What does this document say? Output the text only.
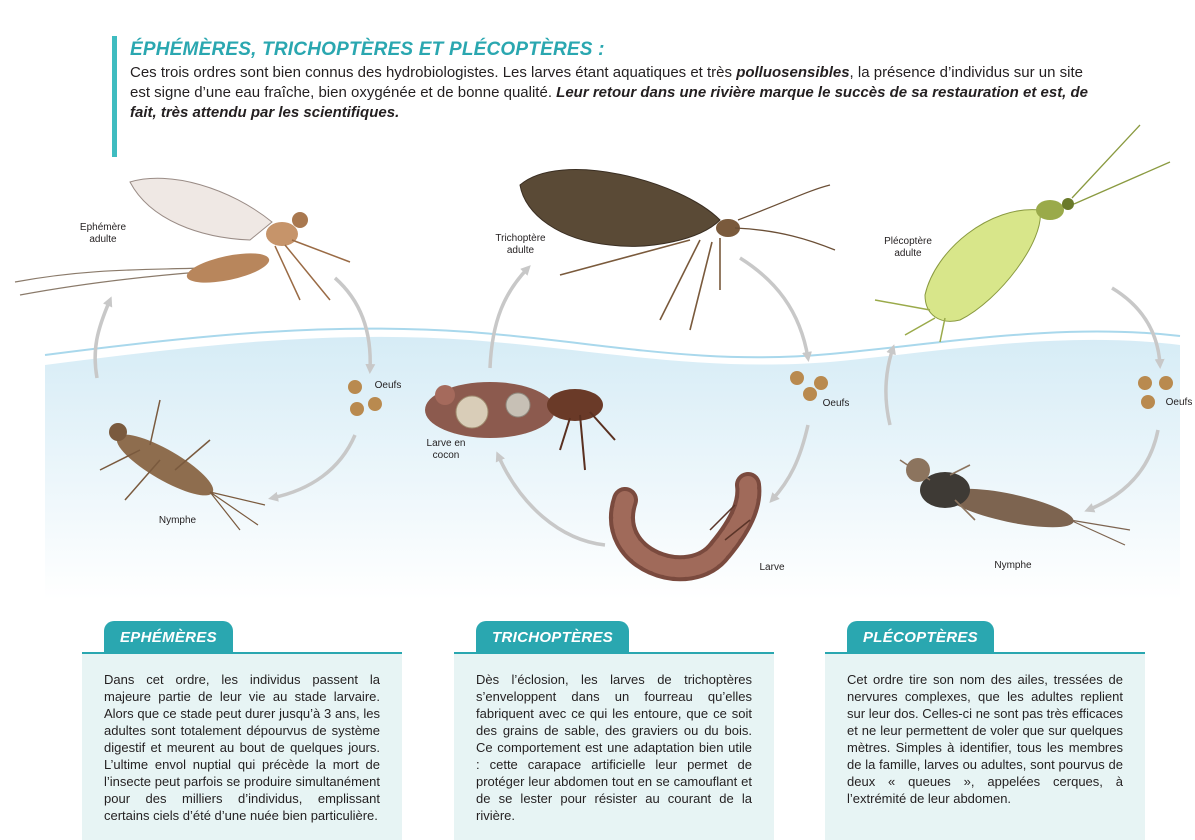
ÉPHÉMÈRES, TRICHOPTÈRES ET PLÉCOPTÈRES :

Ces trois ordres sont bien connus des hydrobiologistes. Les larves étant aquatiques et très polluosensibles, la présence d’individus sur un site est signe d’une eau fraîche, bien oxygénée et de bonne qualité. Leur retour dans une rivière marque le succès de sa restauration et est, de fait, très attendu par les scientifiques.

Ephémère adulte
Oeufs
Nymphe
Trichoptère adulte
Larve en cocon
Oeufs
Larve
Plécoptère adulte
Oeufs
Nymphe
EPHÉMÈRES
Dans cet ordre, les individus passent la majeure partie de leur vie au stade larvaire. Alors que ce stade peut durer jusqu’à 3 ans, les adultes sont totalement dépourvus de système digestif et meurent au bout de quelques jours. L’ultime envol nuptial qui précède la mort de l’insecte peut parfois se produire simultanément pour des milliers d’individus, emplissant certains ciels d’été d’une nuée bien particulière.
TRICHOPTÈRES
Dès l’éclosion, les larves de trichoptères s’enveloppent dans un fourreau qu’elles fabriquent avec ce qui les entoure, que ce soit des grains de sable, des graviers ou du bois. Ce comportement est une adaptation bien utile : cette carapace artificielle leur permet de protéger leur abdomen tout en se camouflant et de se lester pour résister au courant de la rivière.
PLÉCOPTÈRES
Cet ordre tire son nom des ailes, tressées de nervures complexes, que les adultes replient sur leur dos. Celles-ci ne sont pas très efficaces et ne leur permettent de voler que sur quelques mètres. Simples à identifier, tous les membres de la famille, larves ou adultes, sont pourvus de deux « queues », appelées cerques, à l’extrémité de leur abdomen.
